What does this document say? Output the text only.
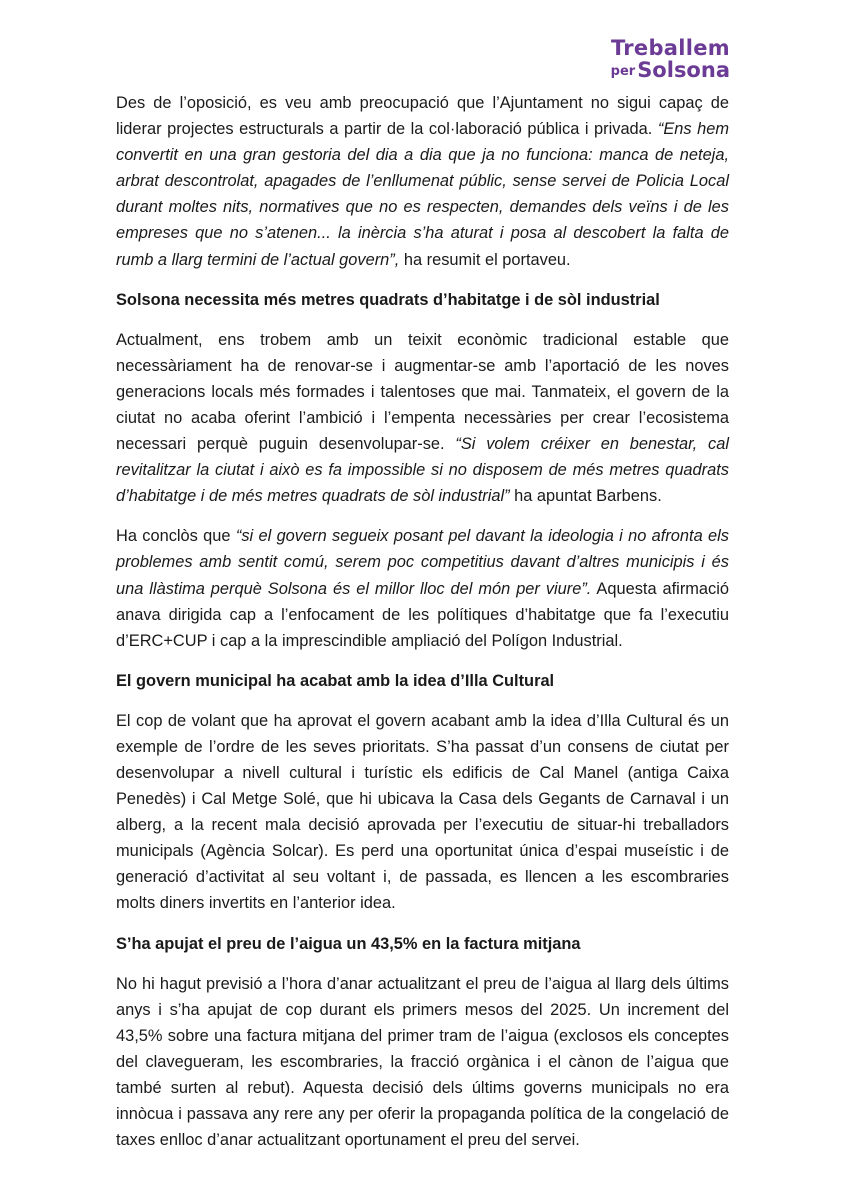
Treballem
perSolsona

Des de l’oposició, es veu amb preocupació que l’Ajuntament no sigui capaç de liderar projectes estructurals a partir de la col·laboració pública i privada. “Ens hem convertit en una gran gestoria del dia a dia que ja no funciona: manca de neteja, arbrat descontrolat, apagades de l’enllumenat públic, sense servei de Policia Local durant moltes nits, normatives que no es respecten, demandes dels veïns i de les empreses que no s’atenen... la inèrcia s’ha aturat i posa al descobert la falta de rumb a llarg termini de l’actual govern”, ha resumit el portaveu.

Solsona necessita més metres quadrats d’habitatge i de sòl industrial

Actualment, ens trobem amb un teixit econòmic tradicional estable que necessàriament ha de renovar-se i augmentar-se amb l’aportació de les noves generacions locals més formades i talentoses que mai. Tanmateix, el govern de la ciutat no acaba oferint l’ambició i l’empenta necessàries per crear l’ecosistema necessari perquè puguin desenvolupar-se. “Si volem créixer en benestar, cal revitalitzar la ciutat i això es fa impossible si no disposem de més metres quadrats d’habitatge i de més metres quadrats de sòl industrial” ha apuntat Barbens.

Ha conclòs que “si el govern segueix posant pel davant la ideologia i no afronta els problemes amb sentit comú, serem poc competitius davant d’altres municipis i és una llàstima perquè Solsona és el millor lloc del món per viure”. Aquesta afirmació anava dirigida cap a l’enfocament de les polítiques d’habitatge que fa l’executiu d’ERC+CUP i cap a la imprescindible ampliació del Polígon Industrial.

El govern municipal ha acabat amb la idea d’Illa Cultural

El cop de volant que ha aprovat el govern acabant amb la idea d’Illa Cultural és un exemple de l’ordre de les seves prioritats. S’ha passat d’un consens de ciutat per desenvolupar a nivell cultural i turístic els edificis de Cal Manel (antiga Caixa Penedès) i Cal Metge Solé, que hi ubicava la Casa dels Gegants de Carnaval i un alberg, a la recent mala decisió aprovada per l’executiu de situar-hi treballadors municipals (Agència Solcar). Es perd una oportunitat única d’espai museístic i de generació d’activitat al seu voltant i, de passada, es llencen a les escombraries molts diners invertits en l’anterior idea.

S’ha apujat el preu de l’aigua un 43,5% en la factura mitjana

No hi hagut previsió a l’hora d’anar actualitzant el preu de l’aigua al llarg dels últims anys i s’ha apujat de cop durant els primers mesos del 2025. Un increment del 43,5% sobre una factura mitjana del primer tram de l’aigua (exclosos els conceptes del clavegueram, les escombraries, la fracció orgànica i el cànon de l’aigua que també surten al rebut). Aquesta decisió dels últims governs municipals no era innòcua i passava any rere any per oferir la propaganda política de la congelació de taxes enlloc d’anar actualitzant oportunament el preu del servei.
